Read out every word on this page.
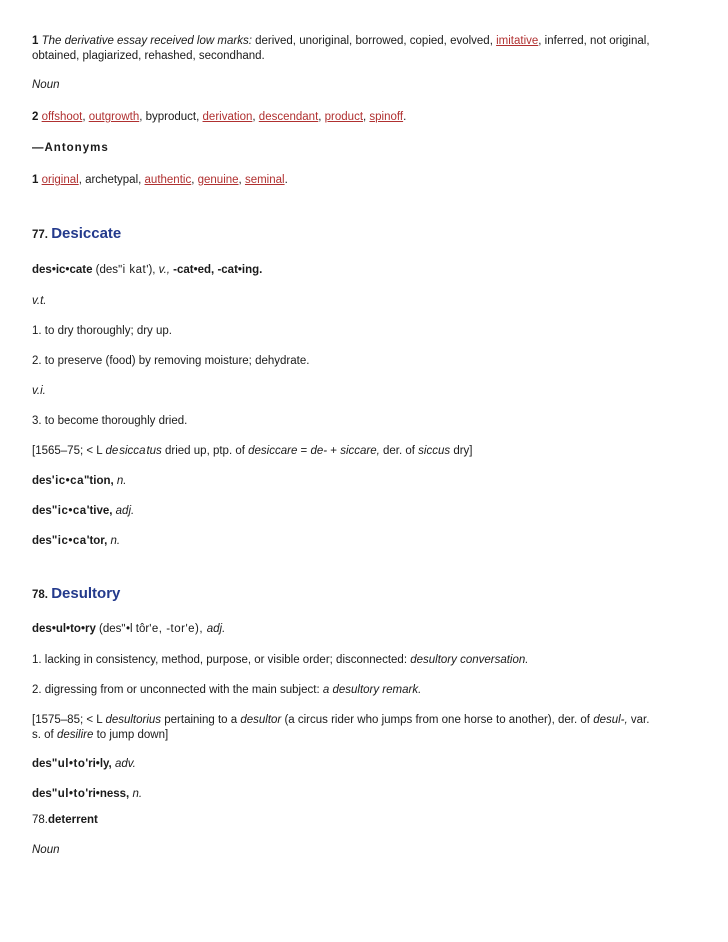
1 The derivative essay received low marks: derived, unoriginal, borrowed, copied, evolved, imitative, inferred, not original,
obtained, plagiarized, rehashed, secondhand.
Noun
2 offshoot, outgrowth, byproduct, derivation, descendant, product, spinoff.
—Antonyms
1 original, archetypal, authentic, genuine, seminal.
77. Desiccate
des•ic•cate (desʺi katʹ), v., -cat•ed, -cat•ing.
v.t.
1. to dry thoroughly; dry up.
2. to preserve (food) by removing moisture; dehydrate.
v.i.
3. to become thoroughly dried.
[1565–75; < L desiccatus dried up, ptp. of desiccare = de- + siccare, der. of siccus dry]
desʹic•caʺtion, n.
desʺic•caʹtive, adj.
desʺic•caʹtor, n.
78. Desultory
des•ul•to•ry (desʺ•l tôrʹe, -torʹe), adj.
1. lacking in consistency, method, purpose, or visible order; disconnected: desultory conversation.
2. digressing from or unconnected with the main subject: a desultory remark.
[1575–85; < L desultorius pertaining to a desultor (a circus rider who jumps from one horse to another), der. of desul-, var.
s. of desilire to jump down]
desʺul•toʹri•ly, adv.
desʺul•toʹri•ness, n.
78.deterrent
Noun
